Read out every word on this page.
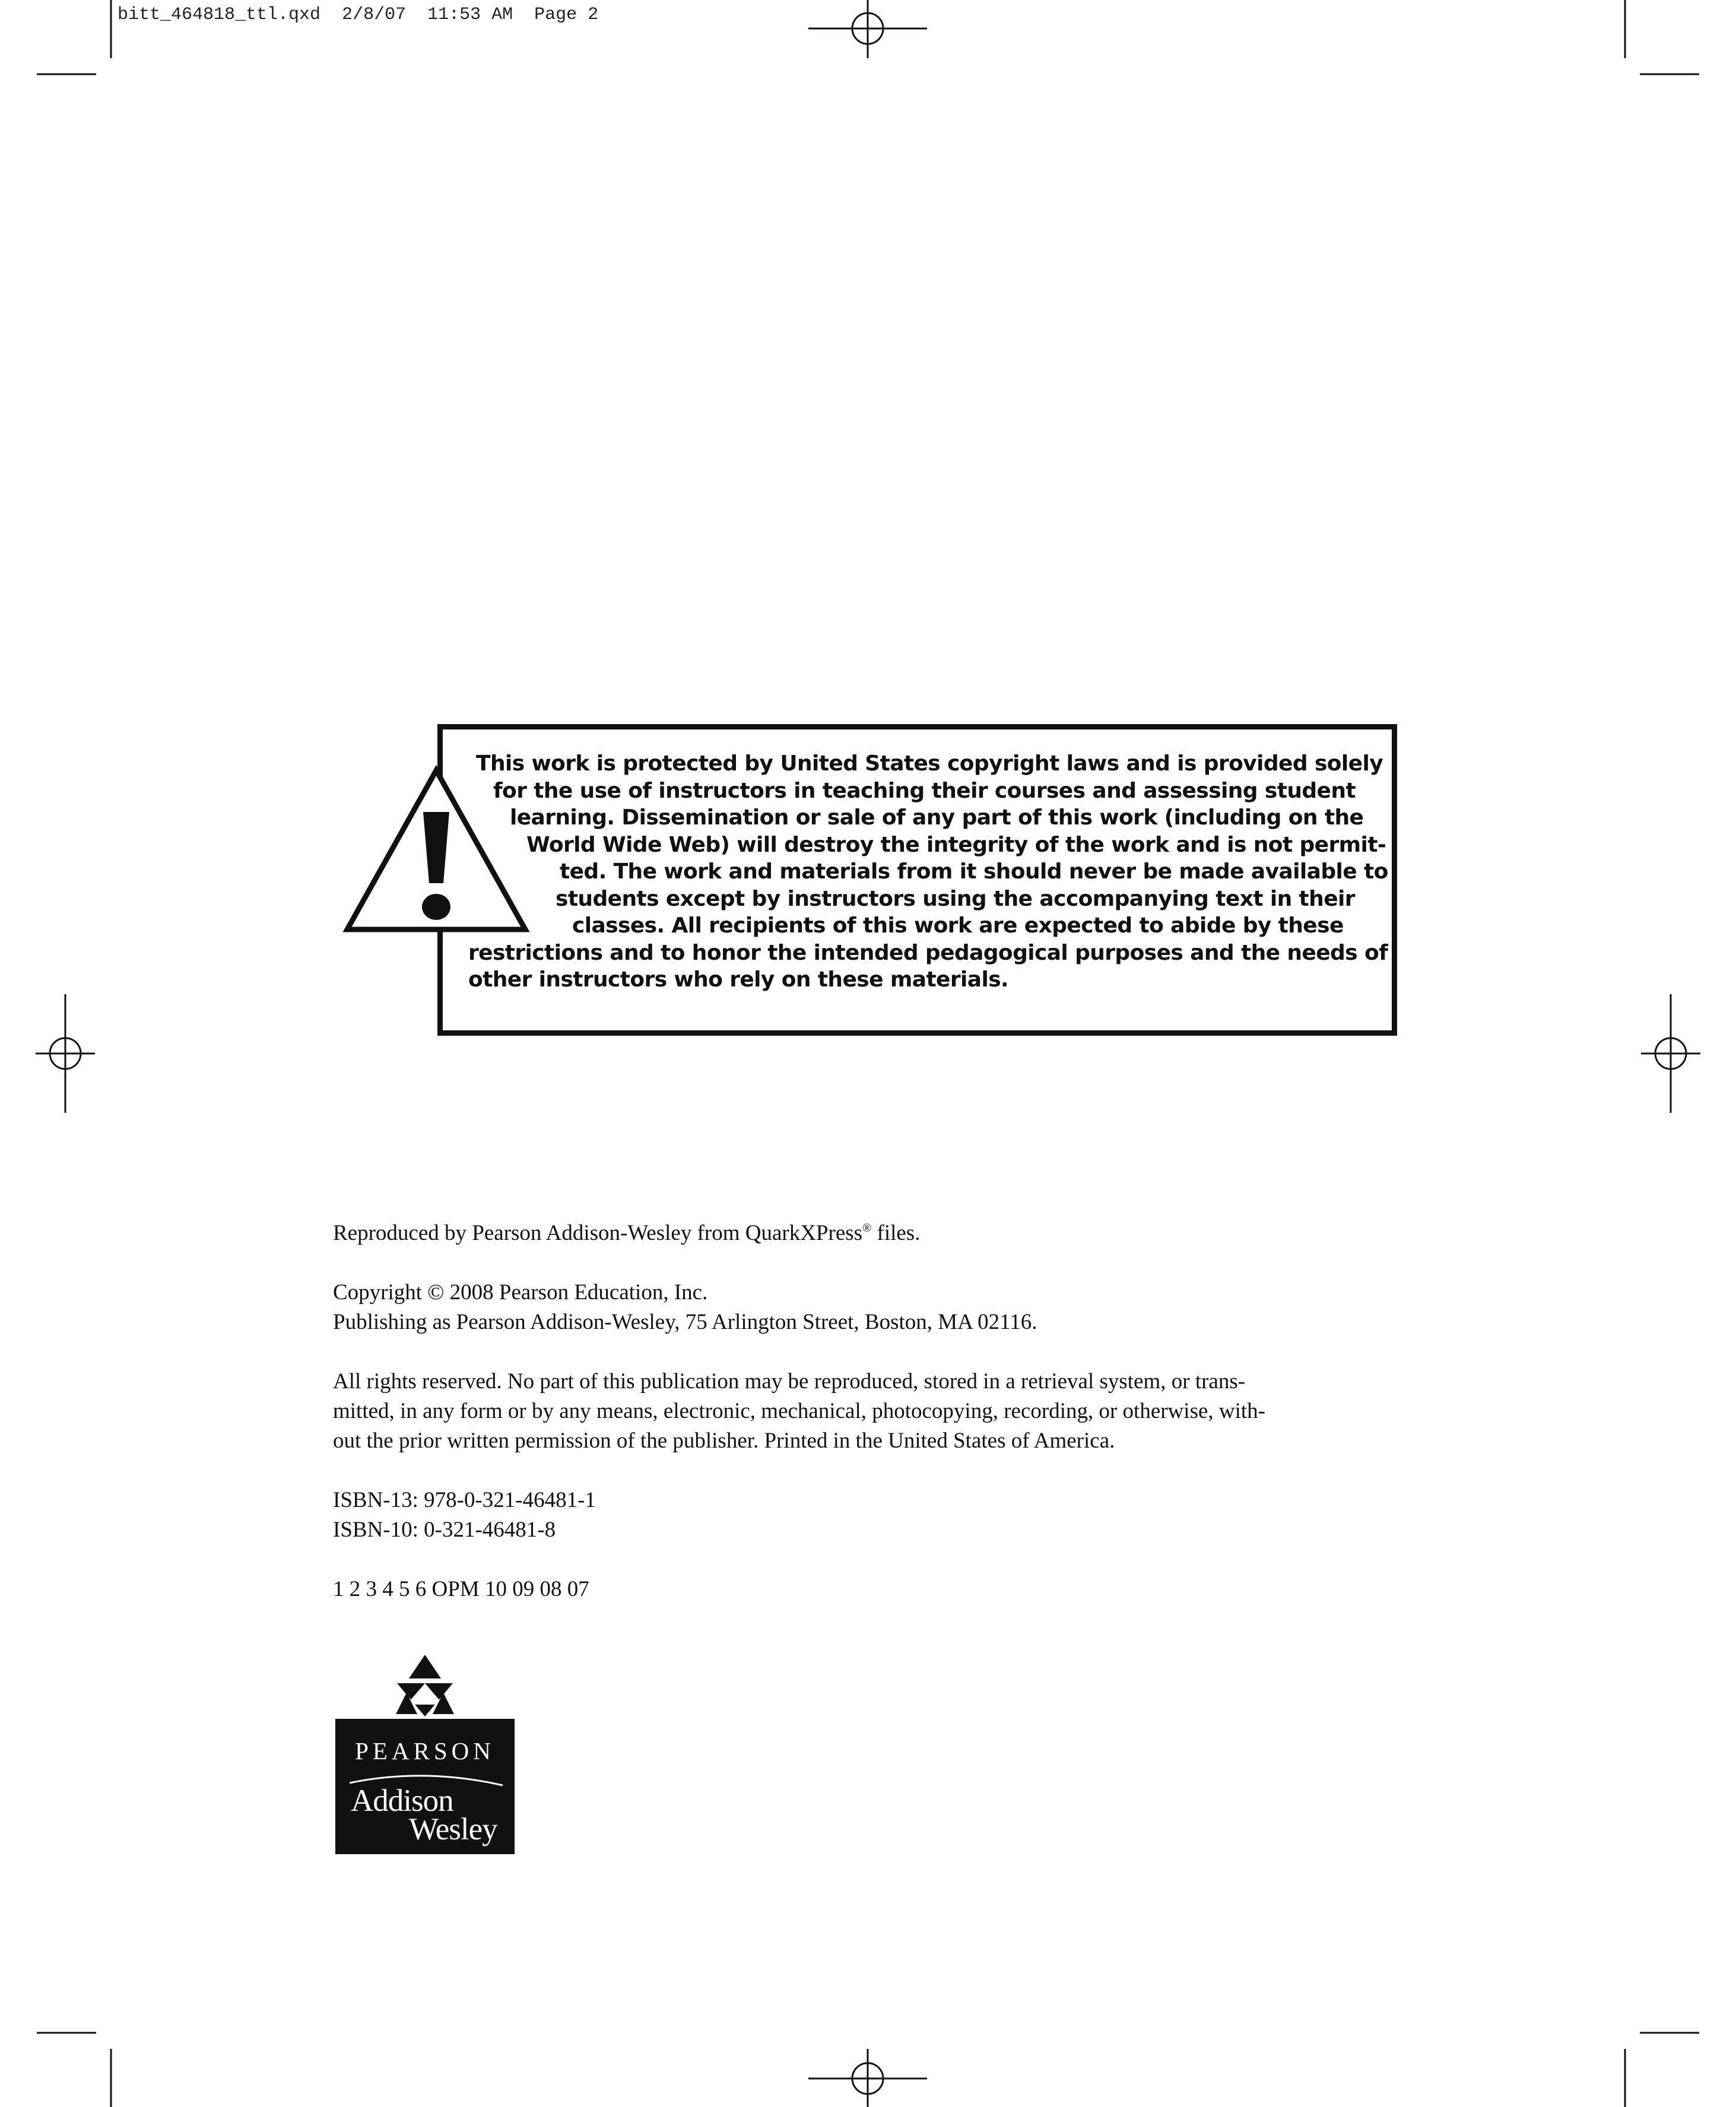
bitt_464818_ttl.qxd  2/8/07  11:53 AM  Page 2
This work is protected by United States copyright laws and is provided solely
for the use of instructors in teaching their courses and assessing student
learning. Dissemination or sale of any part of this work (including on the
World Wide Web) will destroy the integrity of the work and is not permit-
ted. The work and materials from it should never be made available to
students except by instructors using the accompanying text in their
classes. All recipients of this work are expected to abide by these
restrictions and to honor the intended pedagogical purposes and the needs of
other instructors who rely on these materials.

Reproduced by Pearson Addison-Wesley from QuarkXPress® files.

Copyright © 2008 Pearson Education, Inc.
Publishing as Pearson Addison-Wesley, 75 Arlington Street, Boston, MA 02116.

All rights reserved. No part of this publication may be reproduced, stored in a retrieval system, or trans-
mitted, in any form or by any means, electronic, mechanical, photocopying, recording, or otherwise, with-
out the prior written permission of the publisher. Printed in the United States of America.

ISBN-13: 978-0-321-46481-1
ISBN-10: 0-321-46481-8

1 2 3 4 5 6 OPM 10 09 08 07

PEARSON
Addison
Wesley
